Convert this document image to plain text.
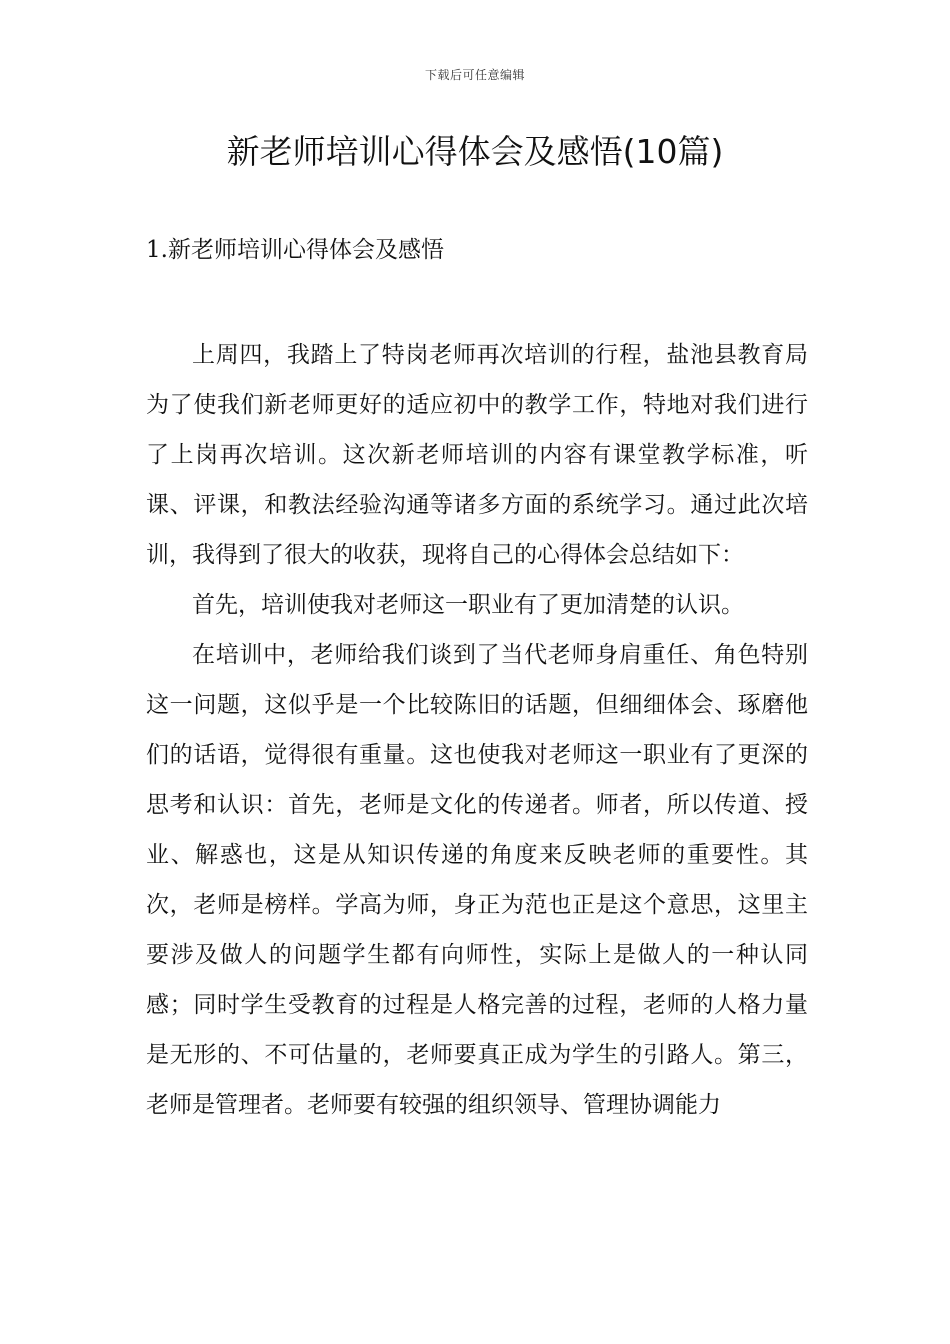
下载后可任意编辑
新老师培训心得体会及感悟(10篇)
1.新老师培训心得体会及感悟

上周四，我踏上了特岗老师再次培训的行程，盐池县教育局为了使我们新老师更好的适应初中的教学工作，特地对我们进行了上岗再次培训。这次新老师培训的内容有课堂教学标准，听课、评课，和教法经验沟通等诸多方面的系统学习。通过此次培训，我得到了很大的收获，现将自己的心得体会总结如下：

首先，培训使我对老师这一职业有了更加清楚的认识。

在培训中，老师给我们谈到了当代老师身肩重任、角色特别这一问题，这似乎是一个比较陈旧的话题，但细细体会、琢磨他们的话语，觉得很有重量。这也使我对老师这一职业有了更深的思考和认识：首先，老师是文化的传递者。师者，所以传道、授业、解惑也，这是从知识传递的角度来反映老师的重要性。其次，老师是榜样。学高为师，身正为范也正是这个意思，这里主要涉及做人的问题学生都有向师性，实际上是做人的一种认同感；同时学生受教育的过程是人格完善的过程，老师的人格力量是无形的、不可估量的，老师要真正成为学生的引路人。第三，老师是管理者。老师要有较强的组织领导、管理协调能力
